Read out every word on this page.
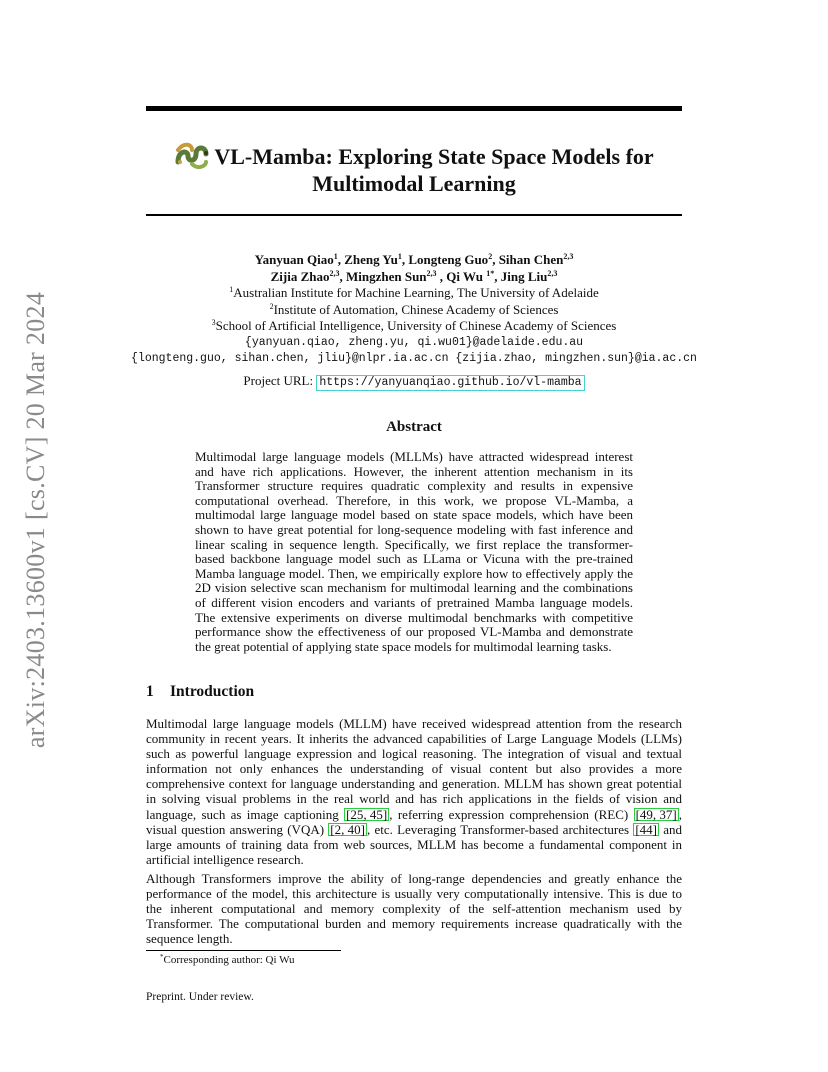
arXiv:2403.13600v1 [cs.CV] 20 Mar 2024
VL-Mamba: Exploring State Space Models for
Multimodal Learning
Yanyuan Qiao$^1$, Zheng Yu$^1$, Longteng Guo$^2$, Sihan Chen$^{2,3}$
Zijia Zhao$^{2,3}$, Mingzhen Sun$^{2,3}$ , Qi Wu $^{1*}$, Jing Liu$^{2,3}$
$^1$Australian Institute for Machine Learning, The University of Adelaide
$^2$Institute of Automation, Chinese Academy of Sciences
$^3$School of Artificial Intelligence, University of Chinese Academy of Sciences
{yanyuan.qiao, zheng.yu, qi.wu01}@adelaide.edu.au
{longteng.guo, sihan.chen, jliu}@nlpr.ia.ac.cn {zijia.zhao, mingzhen.sun}@ia.ac.cn
Project URL: https://yanyuanqiao.github.io/vl-mamba
Abstract

Multimodal large language models (MLLMs) have attracted widespread interest and have rich applications. However, the inherent attention mechanism in its Transformer structure requires quadratic complexity and results in expensive computational overhead. Therefore, in this work, we propose VL-Mamba, a multimodal large language model based on state space models, which have been shown to have great potential for long-sequence modeling with fast inference and linear scaling in sequence length. Specifically, we first replace the transformer-based backbone language model such as LLama or Vicuna with the pre-trained Mamba language model. Then, we empirically explore how to effectively apply the 2D vision selective scan mechanism for multimodal learning and the combinations of different vision encoders and variants of pretrained Mamba language models. The extensive experiments on diverse multimodal benchmarks with competitive performance show the effectiveness of our proposed VL-Mamba and demonstrate the great potential of applying state space models for multimodal learning tasks.

1 Introduction

Multimodal large language models (MLLM) have received widespread attention from the research community in recent years. It inherits the advanced capabilities of Large Language Models (LLMs) such as powerful language expression and logical reasoning. The integration of visual and textual information not only enhances the understanding of visual content but also provides a more comprehensive context for language understanding and generation. MLLM has shown great potential in solving visual problems in the real world and has rich applications in the fields of vision and language, such as image captioning [25, 45] , referring expression comprehension (REC) [49, 37] , visual question answering (VQA) [2, 40] , etc. Leveraging Transformer-based architectures [44] and large amounts of training data from web sources, MLLM has become a fundamental component in artificial intelligence research.

Although Transformers improve the ability of long-range dependencies and greatly enhance the performance of the model, this architecture is usually very computationally intensive. This is due to the inherent computational and memory complexity of the self-attention mechanism used by Transformer. The computational burden and memory requirements increase quadratically with the sequence length.

*Corresponding author: Qi Wu
Preprint. Under review.
